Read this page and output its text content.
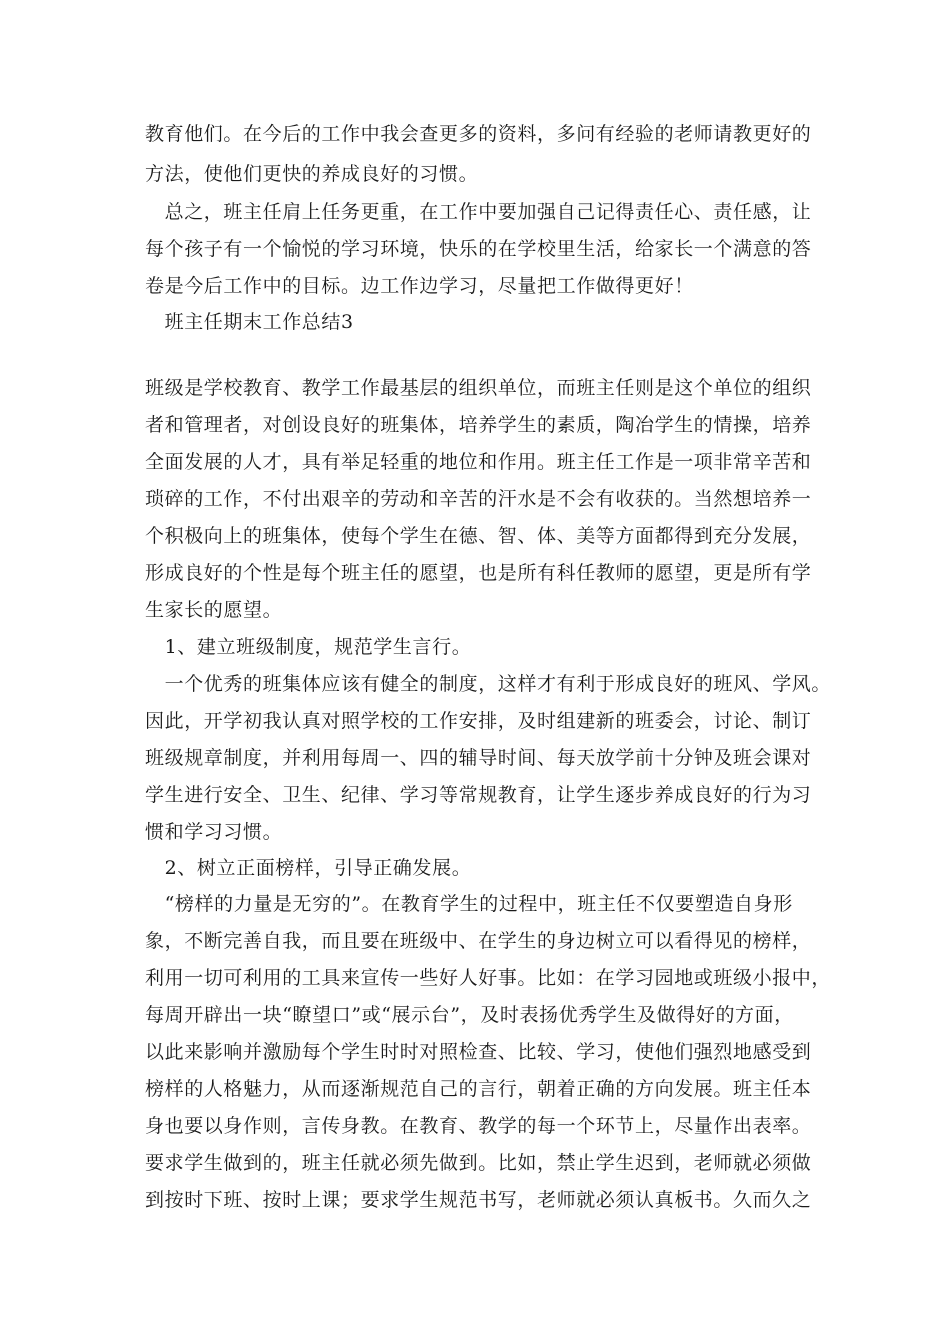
教育他们。在今后的工作中我会查更多的资料，多问有经验的老师请教更好的
方法，使他们更快的养成良好的习惯。
　总之，班主任肩上任务更重，在工作中要加强自己记得责任心、责任感，让
每个孩子有一个愉悦的学习环境，快乐的在学校里生活，给家长一个满意的答
卷是今后工作中的目标。边工作边学习，尽量把工作做得更好！
　班主任期末工作总结3
班级是学校教育、教学工作最基层的组织单位，而班主任则是这个单位的组织
者和管理者，对创设良好的班集体，培养学生的素质，陶冶学生的情操，培养
全面发展的人才，具有举足轻重的地位和作用。班主任工作是一项非常辛苦和
琐碎的工作，不付出艰辛的劳动和辛苦的汗水是不会有收获的。当然想培养一
个积极向上的班集体，使每个学生在德、智、体、美等方面都得到充分发展，
形成良好的个性是每个班主任的愿望，也是所有科任教师的愿望，更是所有学
生家长的愿望。
　1、建立班级制度，规范学生言行。
　一个优秀的班集体应该有健全的制度，这样才有利于形成良好的班风、学风。
因此，开学初我认真对照学校的工作安排，及时组建新的班委会，讨论、制订
班级规章制度，并利用每周一、四的辅导时间、每天放学前十分钟及班会课对
学生进行安全、卫生、纪律、学习等常规教育，让学生逐步养成良好的行为习
惯和学习习惯。
　2、树立正面榜样，引导正确发展。
　“榜样的力量是无穷的”。在教育学生的过程中，班主任不仅要塑造自身形
象，不断完善自我，而且要在班级中、在学生的身边树立可以看得见的榜样，
利用一切可利用的工具来宣传一些好人好事。比如：在学习园地或班级小报中，
每周开辟出一块“瞭望口”或“展示台”，及时表扬优秀学生及做得好的方面，
以此来影响并激励每个学生时时对照检查、比较、学习，使他们强烈地感受到
榜样的人格魅力，从而逐渐规范自己的言行，朝着正确的方向发展。班主任本
身也要以身作则，言传身教。在教育、教学的每一个环节上，尽量作出表率。
要求学生做到的，班主任就必须先做到。比如，禁止学生迟到，老师就必须做
到按时下班、按时上课；要求学生规范书写，老师就必须认真板书。久而久之
